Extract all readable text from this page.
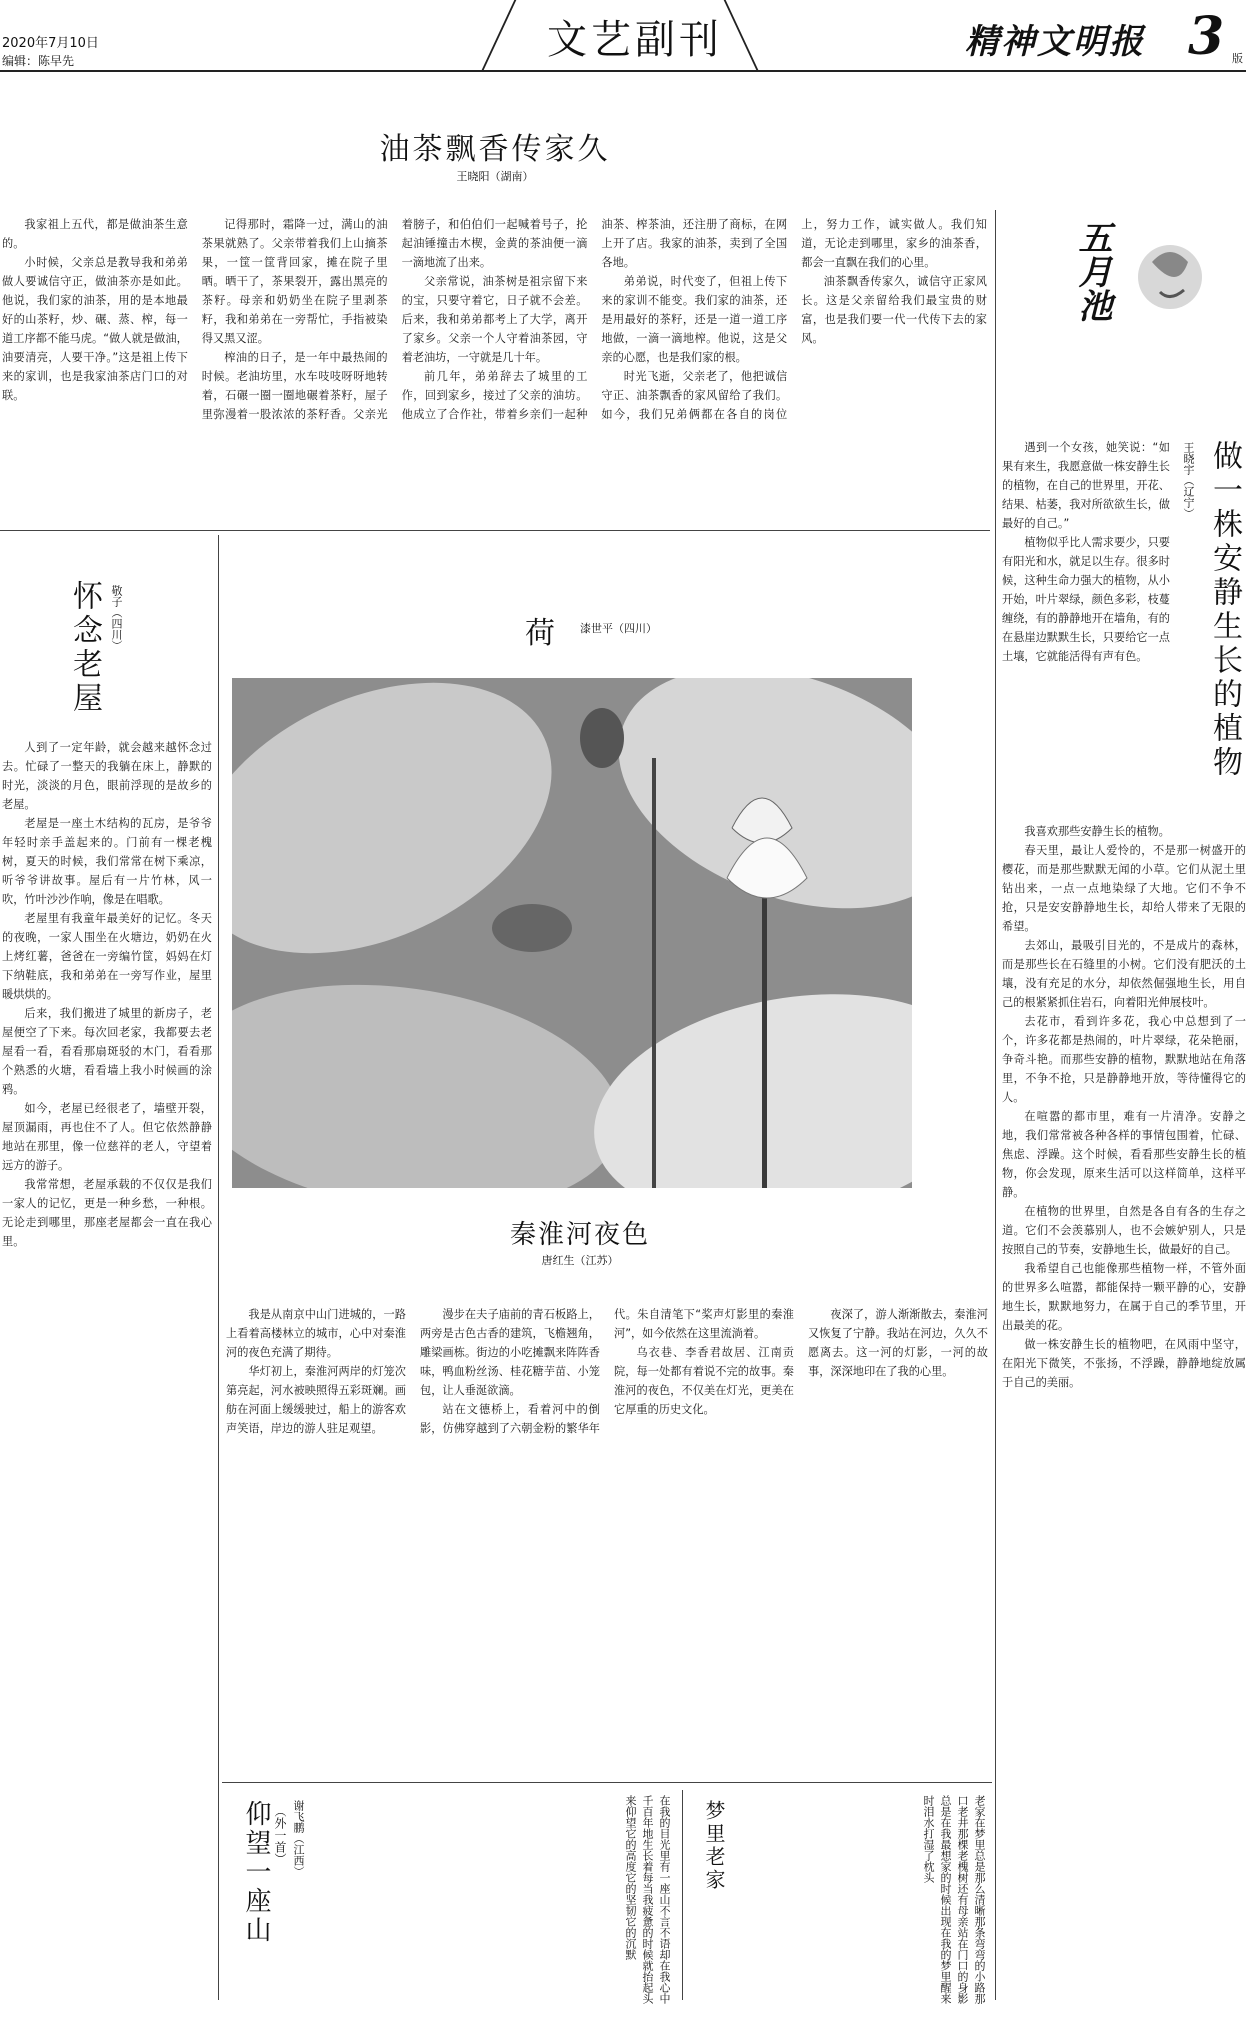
2020年7月10日
编辑：陈早先	文艺副刊	精神文明报 3 版
油茶飘香传家久
王晓阳（湖南）

我家祖上五代，都是做油茶生意的。

小时候，父亲总是教导我和弟弟做人要诚信守正，做油茶亦是如此。他说，我们家的油茶，用的是本地最好的山茶籽，炒、碾、蒸、榨，每一道工序都不能马虎。“做人就是做油，油要清亮，人要干净。”这是祖上传下来的家训，也是我家油茶店门口的对联。

记得那时，霜降一过，满山的油茶果就熟了。父亲带着我们上山摘茶果，一筐一筐背回家，摊在院子里晒。晒干了，茶果裂开，露出黑亮的茶籽。母亲和奶奶坐在院子里剥茶籽，我和弟弟在一旁帮忙，手指被染得又黑又涩。

榨油的日子，是一年中最热闹的时候。老油坊里，水车吱吱呀呀地转着，石碾一圈一圈地碾着茶籽，屋子里弥漫着一股浓浓的茶籽香。父亲光着膀子，和伯伯们一起喊着号子，抡起油锤撞击木楔，金黄的茶油便一滴一滴地流了出来。

父亲常说，油茶树是祖宗留下来的宝，只要守着它，日子就不会差。后来，我和弟弟都考上了大学，离开了家乡。父亲一个人守着油茶园，守着老油坊，一守就是几十年。

前几年，弟弟辞去了城里的工作，回到家乡，接过了父亲的油坊。他成立了合作社，带着乡亲们一起种油茶、榨茶油，还注册了商标，在网上开了店。我家的油茶，卖到了全国各地。

弟弟说，时代变了，但祖上传下来的家训不能变。我们家的油茶，还是用最好的茶籽，还是一道一道工序地做，一滴一滴地榨。他说，这是父亲的心愿，也是我们家的根。

时光飞逝，父亲老了，他把诚信守正、油茶飘香的家风留给了我们。如今，我们兄弟俩都在各自的岗位上，努力工作，诚实做人。我们知道，无论走到哪里，家乡的油茶香，都会一直飘在我们的心里。

油茶飘香传家久，诚信守正家风长。这是父亲留给我们最宝贵的财富，也是我们要一代一代传下去的家风。

五月池
做一株安静生长的植物
王晓宇（辽宁）

遇到一个女孩，她笑说：“如果有来生，我愿意做一株安静生长的植物，在自己的世界里，开花、结果、枯萎，我对所欲欲生长，做最好的自己。”

植物似乎比人需求要少，只要有阳光和水，就足以生存。很多时候，这种生命力强大的植物，从小开始，叶片翠绿，颜色多彩，枝蔓缠绕，有的静静地开在墙角，有的在悬崖边默默生长，只要给它一点土壤，它就能活得有声有色。

我喜欢那些安静生长的植物。

春天里，最让人爱怜的，不是那一树盛开的樱花，而是那些默默无闻的小草。它们从泥土里钻出来，一点一点地染绿了大地。它们不争不抢，只是安安静静地生长，却给人带来了无限的希望。

去郊山，最吸引目光的，不是成片的森林，而是那些长在石缝里的小树。它们没有肥沃的土壤，没有充足的水分，却依然倔强地生长，用自己的根紧紧抓住岩石，向着阳光伸展枝叶。

去花市，看到许多花，我心中总想到了一个，许多花都是热闹的，叶片翠绿，花朵艳丽，争奇斗艳。而那些安静的植物，默默地站在角落里，不争不抢，只是静静地开放，等待懂得它的人。

在喧嚣的都市里，难有一片清净。安静之地，我们常常被各种各样的事情包围着，忙碌、焦虑、浮躁。这个时候，看看那些安静生长的植物，你会发现，原来生活可以这样简单，这样平静。

在植物的世界里，自然是各自有各的生存之道。它们不会羡慕别人，也不会嫉妒别人，只是按照自己的节奏，安静地生长，做最好的自己。

我希望自己也能像那些植物一样，不管外面的世界多么喧嚣，都能保持一颗平静的心，安静地生长，默默地努力，在属于自己的季节里，开出最美的花。

做一株安静生长的植物吧，在风雨中坚守，在阳光下微笑，不张扬，不浮躁，静静地绽放属于自己的美丽。

怀念老屋 敬子（四川）

人到了一定年龄，就会越来越怀念过去。忙碌了一整天的我躺在床上，静默的时光，淡淡的月色，眼前浮现的是故乡的老屋。

老屋是一座土木结构的瓦房，是爷爷年轻时亲手盖起来的。门前有一棵老槐树，夏天的时候，我们常常在树下乘凉，听爷爷讲故事。屋后有一片竹林，风一吹，竹叶沙沙作响，像是在唱歌。

老屋里有我童年最美好的记忆。冬天的夜晚，一家人围坐在火塘边，奶奶在火上烤红薯，爸爸在一旁编竹筐，妈妈在灯下纳鞋底，我和弟弟在一旁写作业，屋里暖烘烘的。

后来，我们搬进了城里的新房子，老屋便空了下来。每次回老家，我都要去老屋看一看，看看那扇斑驳的木门，看看那个熟悉的火塘，看看墙上我小时候画的涂鸦。

如今，老屋已经很老了，墙壁开裂，屋顶漏雨，再也住不了人。但它依然静静地站在那里，像一位慈祥的老人，守望着远方的游子。

我常常想，老屋承载的不仅仅是我们一家人的记忆，更是一种乡愁，一种根。无论走到哪里，那座老屋都会一直在我心里。

荷	漆世平（四川）
秦淮河夜色
唐红生（江苏）

我是从南京中山门进城的，一路上看着高楼林立的城市，心中对秦淮河的夜色充满了期待。

华灯初上，秦淮河两岸的灯笼次第亮起，河水被映照得五彩斑斓。画舫在河面上缓缓驶过，船上的游客欢声笑语，岸边的游人驻足观望。

漫步在夫子庙前的青石板路上，两旁是古色古香的建筑，飞檐翘角，雕梁画栋。街边的小吃摊飘来阵阵香味，鸭血粉丝汤、桂花糖芋苗、小笼包，让人垂涎欲滴。

站在文德桥上，看着河中的倒影，仿佛穿越到了六朝金粉的繁华年代。朱自清笔下“桨声灯影里的秦淮河”，如今依然在这里流淌着。

乌衣巷、李香君故居、江南贡院，每一处都有着说不完的故事。秦淮河的夜色，不仅美在灯光，更美在它厚重的历史文化。

夜深了，游人渐渐散去，秦淮河又恢复了宁静。我站在河边，久久不愿离去。这一河的灯影，一河的故事，深深地印在了我的心里。

仰望一座山 （外一首） 谢飞鹏（江西）	在我的目光里有一座山不言不语却在我心中千百年地生长着每当我疲惫的时候就抬起头来仰望它的高度它的坚韧它的沉默	梦里老家	老家在梦里总是那么清晰那条弯弯的小路那口老井那棵老槐树还有母亲站在门口的身影总是在我最想家的时候出现在我的梦里醒来时泪水打湿了枕头
